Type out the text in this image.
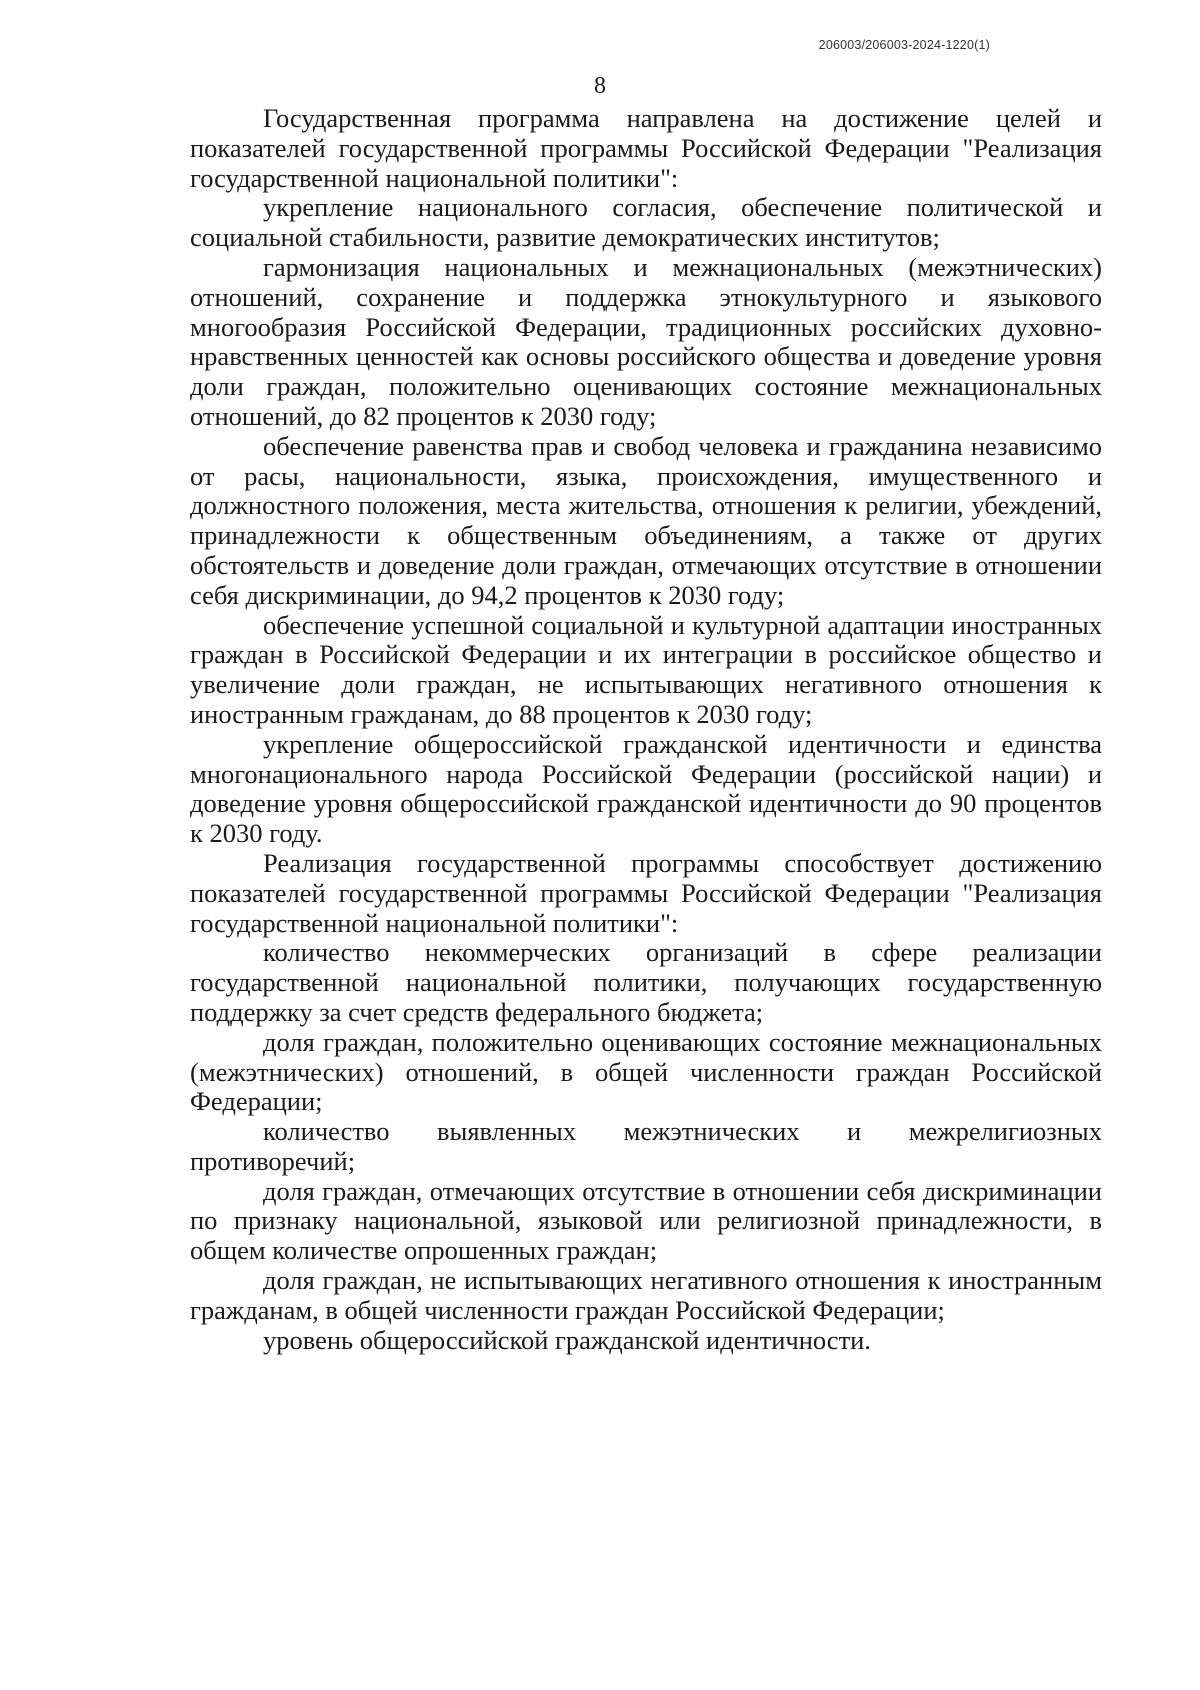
206003/206003-2024-1220(1)
8

Государственная программа направлена на достижение целей и показателей государственной программы Российской Федерации "Реализация государственной национальной политики":

укрепление национального согласия, обеспечение политической и социальной стабильности, развитие демократических институтов;

гармонизация национальных и межнациональных (межэтнических) отношений, сохранение и поддержка этнокультурного и языкового многообразия Российской Федерации, традиционных российских духовно-нравственных ценностей как основы российского общества и доведение уровня доли граждан, положительно оценивающих состояние межнациональных отношений, до 82 процентов к 2030 году;

обеспечение равенства прав и свобод человека и гражданина независимо от расы, национальности, языка, происхождения, имущественного и должностного положения, места жительства, отношения к религии, убеждений, принадлежности к общественным объединениям, а также от других обстоятельств и доведение доли граждан, отмечающих отсутствие в отношении себя дискриминации, до 94,2 процентов к 2030 году;

обеспечение успешной социальной и культурной адаптации иностранных граждан в Российской Федерации и их интеграции в российское общество и увеличение доли граждан, не испытывающих негативного отношения к иностранным гражданам, до 88 процентов к 2030 году;

укрепление общероссийской гражданской идентичности и единства многонационального народа Российской Федерации (российской нации) и доведение уровня общероссийской гражданской идентичности до 90 процентов к 2030 году.

Реализация государственной программы способствует достижению показателей государственной программы Российской Федерации "Реализация государственной национальной политики":

количество некоммерческих организаций в сфере реализации государственной национальной политики, получающих государственную поддержку за счет средств федерального бюджета;

доля граждан, положительно оценивающих состояние межнациональных (межэтнических) отношений, в общей численности граждан Российской Федерации;

количество выявленных межэтнических и межрелигиозных противоречий;

доля граждан, отмечающих отсутствие в отношении себя дискриминации по признаку национальной, языковой или религиозной принадлежности, в общем количестве опрошенных граждан;

доля граждан, не испытывающих негативного отношения к иностранным гражданам, в общей численности граждан Российской Федерации;

уровень общероссийской гражданской идентичности.
